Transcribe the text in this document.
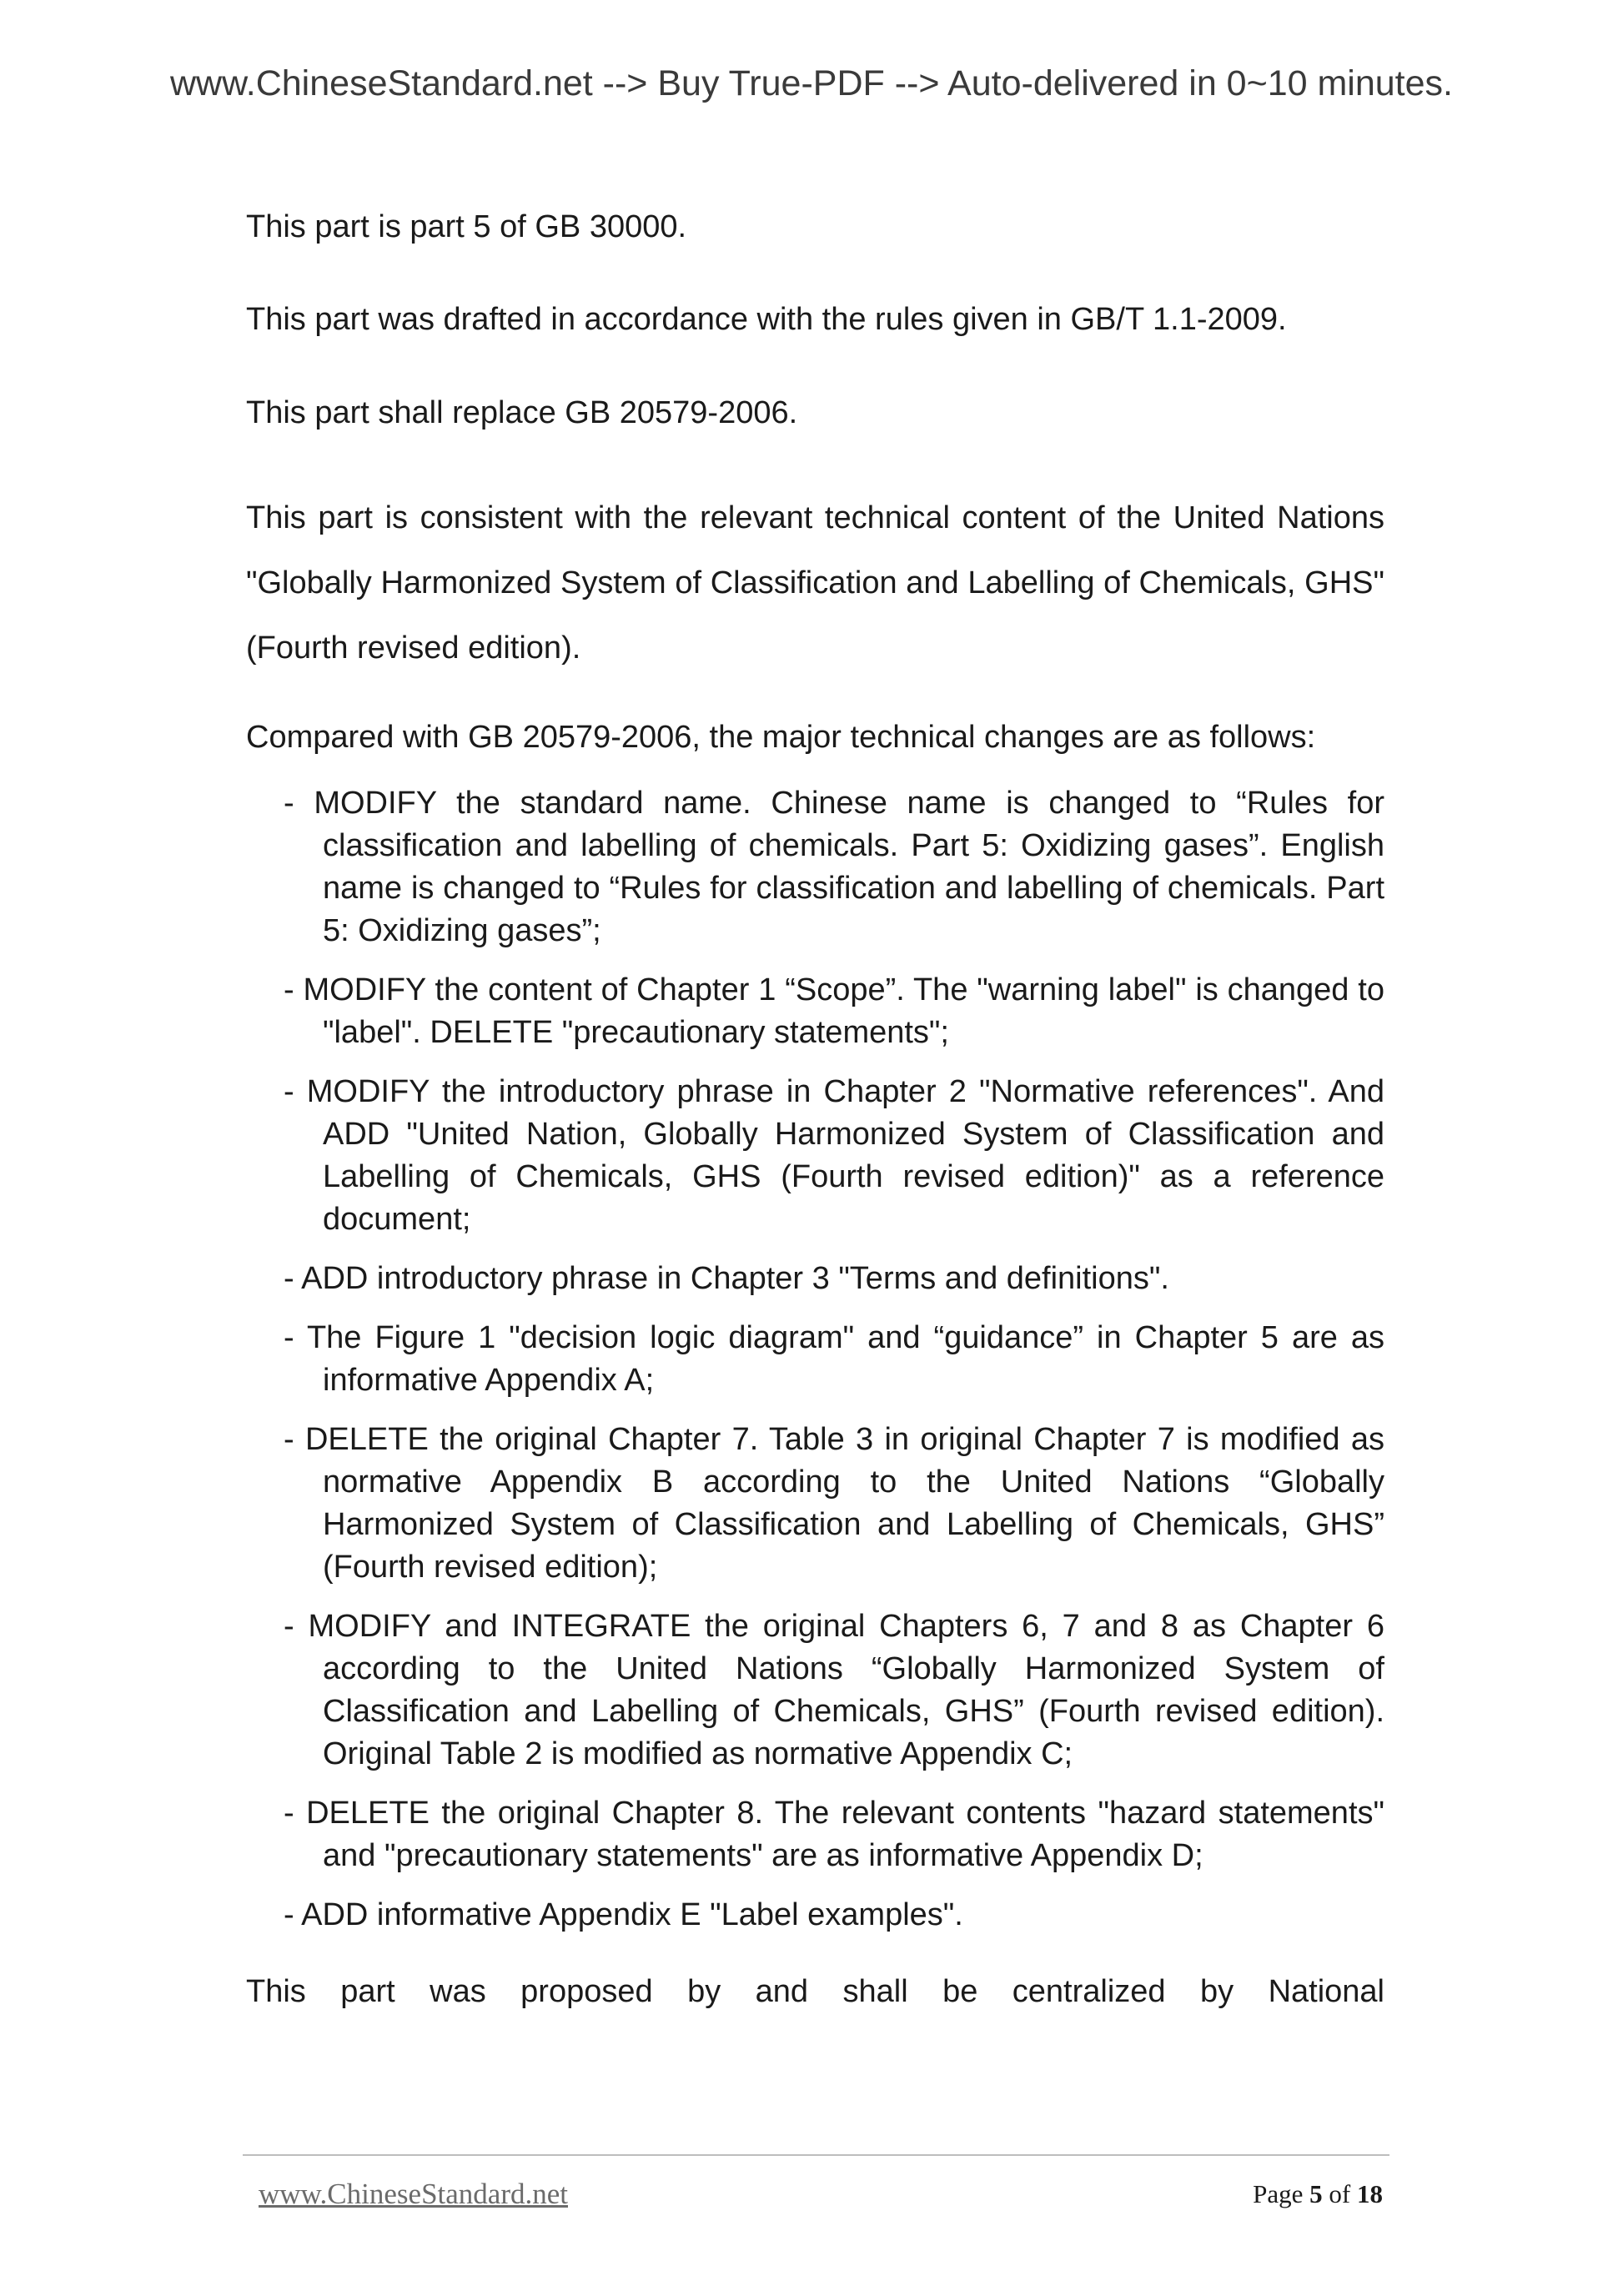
www.ChineseStandard.net --> Buy True-PDF --> Auto-delivered in 0~10 minutes.

This part is part 5 of GB 30000.

This part was drafted in accordance with the rules given in GB/T 1.1-2009.

This part shall replace GB 20579-2006.

This part is consistent with the relevant technical content of the United Nations "Globally Harmonized System of Classification and Labelling of Chemicals, GHS" (Fourth revised edition).

Compared with GB 20579-2006, the major technical changes are as follows:

- MODIFY the standard name. Chinese name is changed to “Rules for classification and labelling of chemicals. Part 5: Oxidizing gases”. English name is changed to “Rules for classification and labelling of chemicals. Part 5: Oxidizing gases”;
- MODIFY the content of Chapter 1 “Scope”. The "warning label" is changed to "label". DELETE "precautionary statements";
- MODIFY the introductory phrase in Chapter 2 "Normative references". And ADD "United Nation, Globally Harmonized System of Classification and Labelling of Chemicals, GHS (Fourth revised edition)" as a reference document;
- ADD introductory phrase in Chapter 3 "Terms and definitions".
- The Figure 1 "decision logic diagram" and “guidance” in Chapter 5 are as informative Appendix A;
- DELETE the original Chapter 7. Table 3 in original Chapter 7 is modified as normative Appendix B according to the United Nations “Globally Harmonized System of Classification and Labelling of Chemicals, GHS” (Fourth revised edition);
- MODIFY and INTEGRATE the original Chapters 6, 7 and 8 as Chapter 6 according to the United Nations “Globally Harmonized System of Classification and Labelling of Chemicals, GHS” (Fourth revised edition). Original Table 2 is modified as normative Appendix C;
- DELETE the original Chapter 8. The relevant contents "hazard statements" and "precautionary statements" are as informative Appendix D;
- ADD informative Appendix E "Label examples".

This part was proposed by and shall be centralized by National

www.ChineseStandard.net	Page 5 of 18
